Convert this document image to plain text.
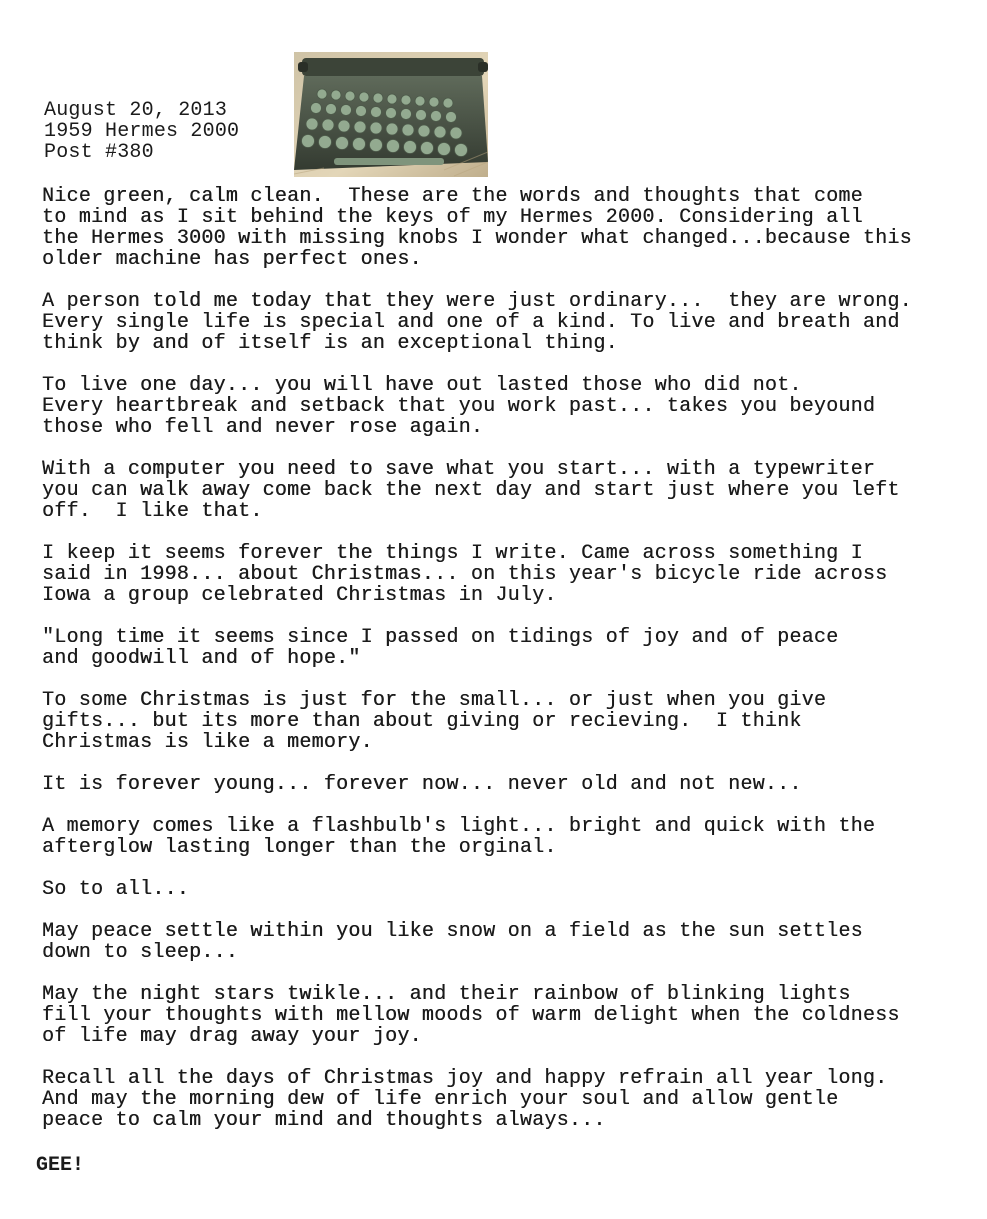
August 20, 2013
1959 Hermes 2000
Post #380
Nice green, calm clean.  These are the words and thoughts that come
to mind as I sit behind the keys of my Hermes 2000. Considering all
the Hermes 3000 with missing knobs I wonder what changed...because this
older machine has perfect ones.
A person told me today that they were just ordinary...  they are wrong.
Every single life is special and one of a kind. To live and breath and
think by and of itself is an exceptional thing.
To live one day... you will have out lasted those who did not.
Every heartbreak and setback that you work past... takes you beyound
those who fell and never rose again.
With a computer you need to save what you start... with a typewriter
you can walk away come back the next day and start just where you left
off.  I like that.
I keep it seems forever the things I write. Came across something I
said in 1998... about Christmas... on this year's bicycle ride across
Iowa a group celebrated Christmas in July.
"Long time it seems since I passed on tidings of joy and of peace
and goodwill and of hope."
To some Christmas is just for the small... or just when you give
gifts... but its more than about giving or recieving.  I think
Christmas is like a memory.
It is forever young... forever now... never old and not new...
A memory comes like a flashbulb's light... bright and quick with the
afterglow lasting longer than the orginal.
So to all...
May peace settle within you like snow on a field as the sun settles
down to sleep...
May the night stars twikle... and their rainbow of blinking lights
fill your thoughts with mellow moods of warm delight when the coldness
of life may drag away your joy.
Recall all the days of Christmas joy and happy refrain all year long.
And may the morning dew of life enrich your soul and allow gentle
peace to calm your mind and thoughts always...
GEE!
